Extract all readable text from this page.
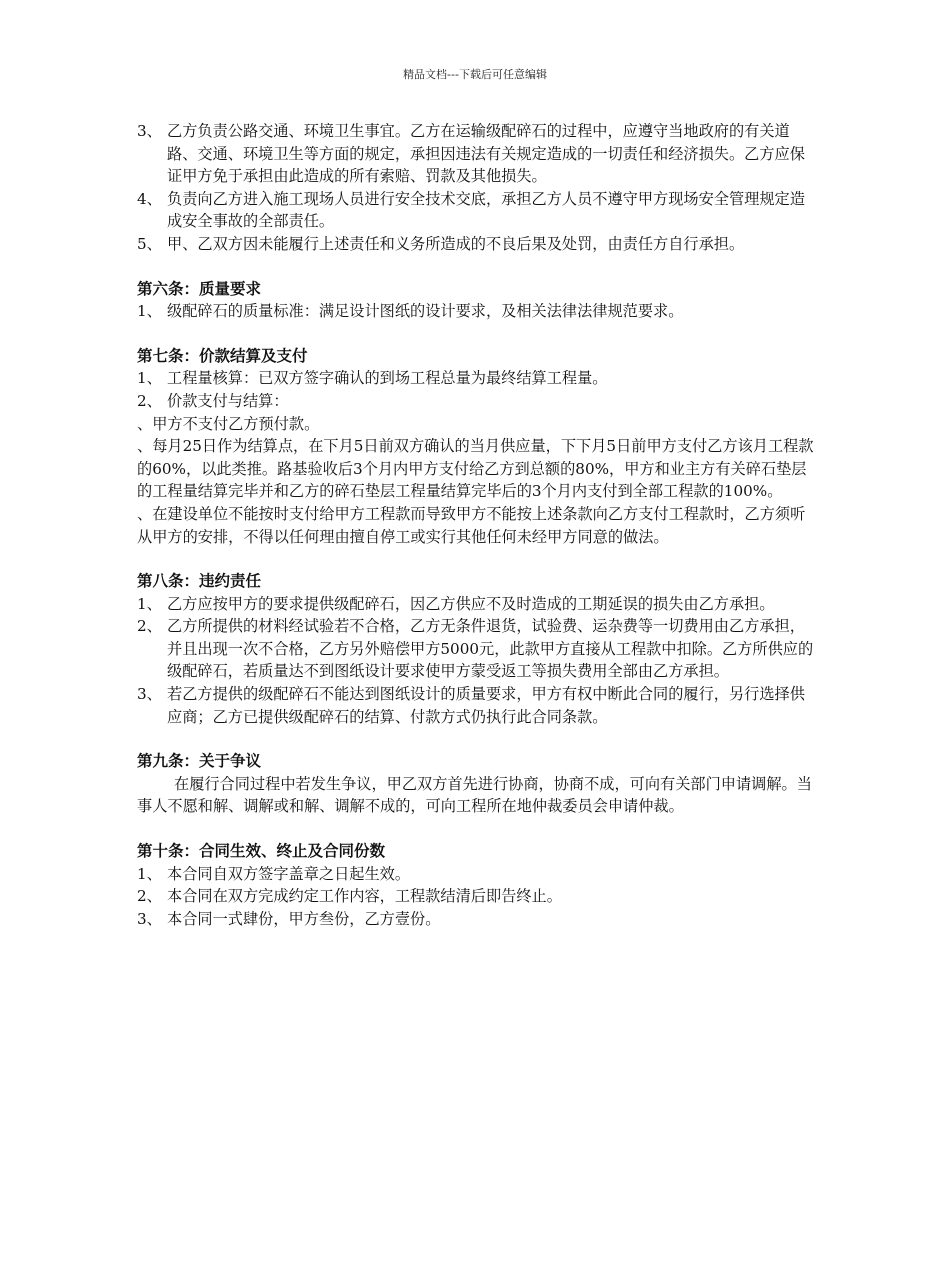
精品文档---下载后可任意编辑
3、 乙方负责公路交通、环境卫生事宜。乙方在运输级配碎石的过程中，应遵守当地政府的有关道路、交通、环境卫生等方面的规定，承担因违法有关规定造成的一切责任和经济损失。乙方应保证甲方免于承担由此造成的所有索赔、罚款及其他损失。
4、 负责向乙方进入施工现场人员进行安全技术交底，承担乙方人员不遵守甲方现场安全管理规定造成安全事故的全部责任。
5、 甲、乙双方因未能履行上述责任和义务所造成的不良后果及处罚，由责任方自行承担。
第六条：质量要求
1、 级配碎石的质量标准：满足设计图纸的设计要求，及相关法律法律规范要求。
第七条：价款结算及支付
1、 工程量核算：已双方签字确认的到场工程总量为最终结算工程量。
2、 价款支付与结算：
、甲方不支付乙方预付款。
、每月25日作为结算点，在下月5日前双方确认的当月供应量，下下月5日前甲方支付乙方该月工程款的60%，以此类推。路基验收后3个月内甲方支付给乙方到总额的80%，甲方和业主方有关碎石垫层的工程量结算完毕并和乙方的碎石垫层工程量结算完毕后的3个月内支付到全部工程款的100%。
、在建设单位不能按时支付给甲方工程款而导致甲方不能按上述条款向乙方支付工程款时，乙方须听从甲方的安排，不得以任何理由擅自停工或实行其他任何未经甲方同意的做法。
第八条：违约责任
1、 乙方应按甲方的要求提供级配碎石，因乙方供应不及时造成的工期延误的损失由乙方承担。
2、 乙方所提供的材料经试验若不合格，乙方无条件退货，试验费、运杂费等一切费用由乙方承担，并且出现一次不合格，乙方另外赔偿甲方5000元，此款甲方直接从工程款中扣除。乙方所供应的级配碎石，若质量达不到图纸设计要求使甲方蒙受返工等损失费用全部由乙方承担。
3、 若乙方提供的级配碎石不能达到图纸设计的质量要求，甲方有权中断此合同的履行，另行选择供应商；乙方已提供级配碎石的结算、付款方式仍执行此合同条款。
第九条：关于争议
在履行合同过程中若发生争议，甲乙双方首先进行协商，协商不成，可向有关部门申请调解。当事人不愿和解、调解或和解、调解不成的，可向工程所在地仲裁委员会申请仲裁。
第十条：合同生效、终止及合同份数
1、 本合同自双方签字盖章之日起生效。
2、 本合同在双方完成约定工作内容，工程款结清后即告终止。
3、 本合同一式肆份，甲方叁份，乙方壹份。
